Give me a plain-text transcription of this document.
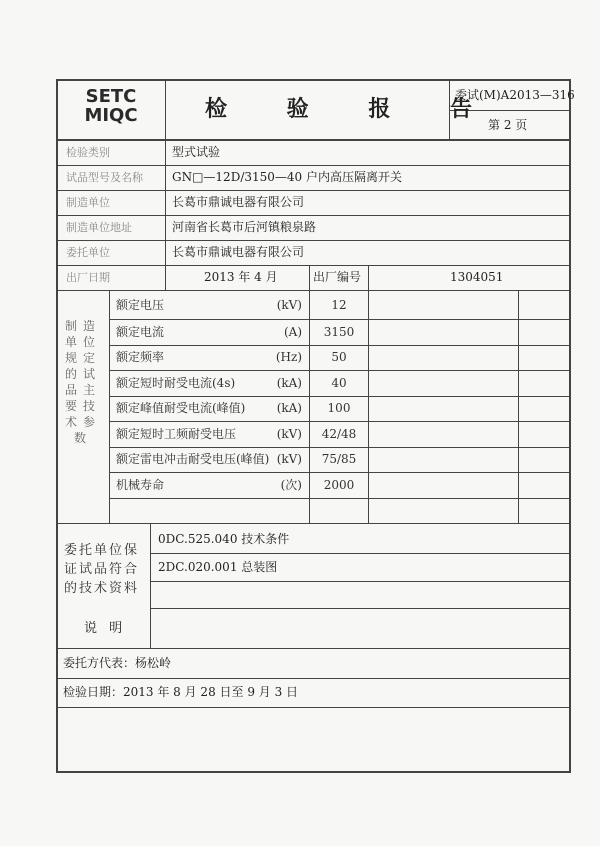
SETC
MIQC	检 验 报 告
委试(M)A2013—316
第 2 页
检验类别	型式试验
试品型号及名称 GN□—12D/3150—40 户内高压隔离开关
制造单位	长葛市鼎诚电器有限公司
制造单位地址	河南省长葛市后河镇粮泉路
委托单位	长葛市鼎诚电器有限公司
出厂日期	2013 年 4 月	出厂编号	1304051
制造单位规定的试品主要技术参数
额定电压	(kV)	12
额定电流	(A)	3150
额定频率	(Hz)	50
额定短时耐受电流(4s)	(kA)	40
额定峰值耐受电流(峰值)	(kA)	100
额定短时工频耐受电压	(kV)	42/48
额定雷电冲击耐受电压(峰值) (kV)	75/85
机械寿命	(次)	2000
委托单位保证试品符合的技术资料
0DC.525.040 技术条件
2DC.020.001 总装图
说 明
委托方代表：杨松岭
检验日期：2013 年 8 月 28 日至 9 月 3 日
